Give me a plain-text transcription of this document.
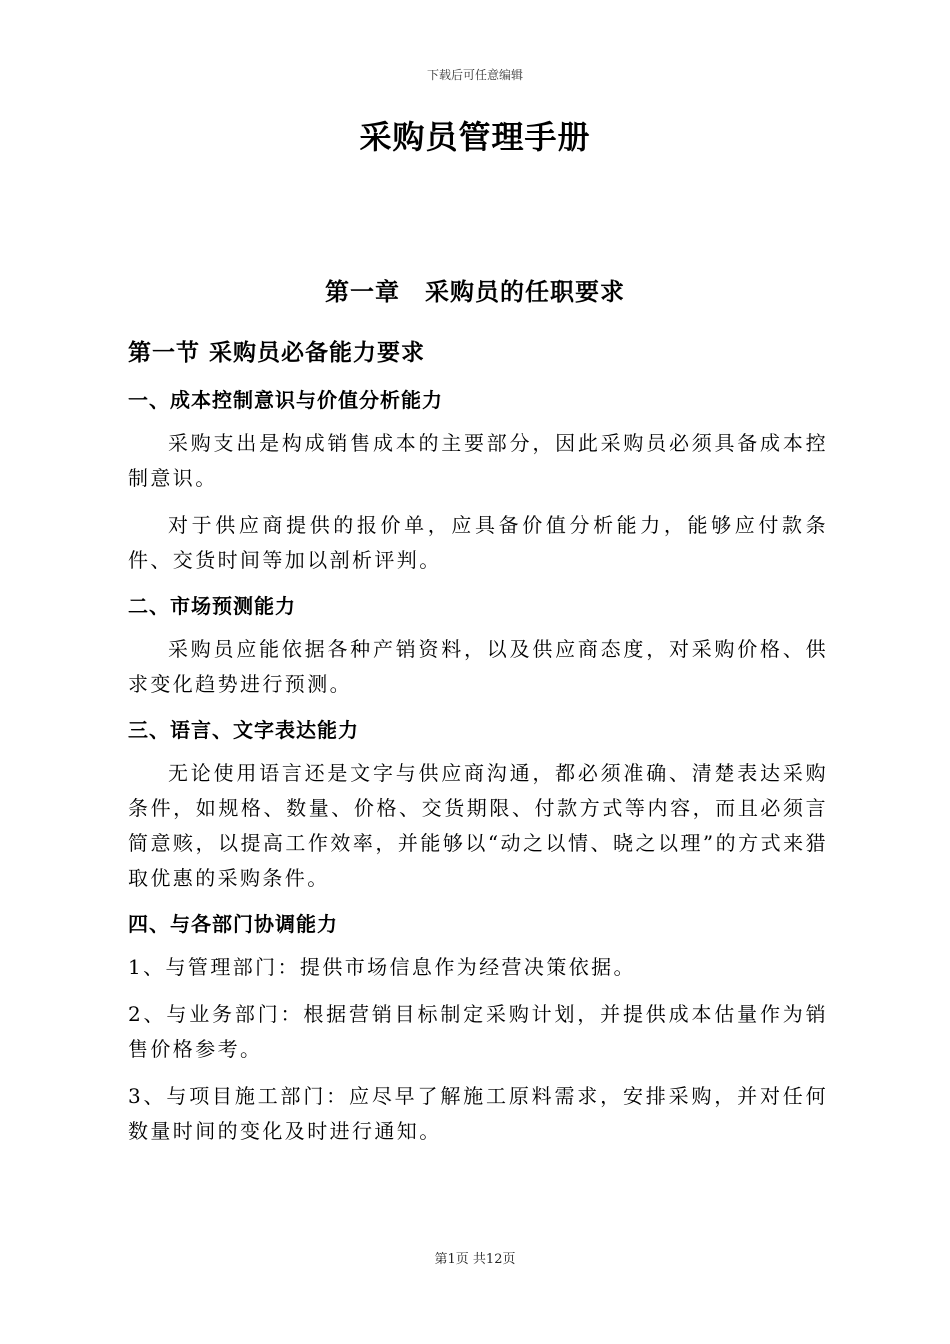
下载后可任意编辑
采购员管理手册
第一章　采购员的任职要求
第一节 采购员必备能力要求
一、成本控制意识与价值分析能力

采购支出是构成销售成本的主要部分，因此采购员必须具备成本控制意识。

对于供应商提供的报价单，应具备价值分析能力，能够应付款条件、交货时间等加以剖析评判。

二、市场预测能力

采购员应能依据各种产销资料，以及供应商态度，对采购价格、供求变化趋势进行预测。

三、语言、文字表达能力

无论使用语言还是文字与供应商沟通，都必须准确、清楚表达采购条件，如规格、数量、价格、交货期限、付款方式等内容，而且必须言简意赅，以提高工作效率，并能够以“动之以情、晓之以理”的方式来猎取优惠的采购条件。

四、与各部门协调能力

1、与管理部门：提供市场信息作为经营决策依据。

2、与业务部门：根据营销目标制定采购计划，并提供成本估量作为销售价格参考。

3、与项目施工部门：应尽早了解施工原料需求，安排采购，并对任何数量时间的变化及时进行通知。

第1页 共12页
